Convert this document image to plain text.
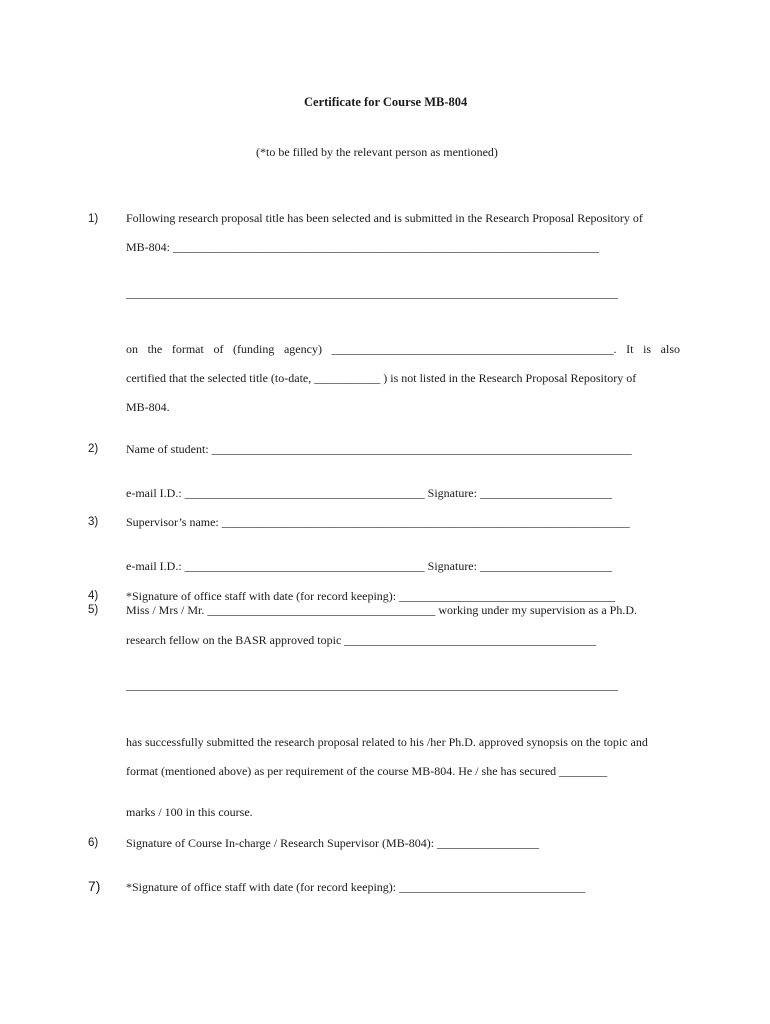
Certificate for Course MB-804
(*to be filled by the relevant person as mentioned)
1) Following research proposal title has been selected and is submitted in the Research Proposal Repository of
MB-804: _______________________________________________________________________
__________________________________________________________________________________
on the format of (funding agency) _______________________________________________. It is also
certified that the selected title (to-date, ___________ ) is not listed in the Research Proposal Repository of
MB-804.
2) Name of student: ______________________________________________________________________
e-mail I.D.: ________________________________________ Signature: ______________________
3) Supervisor’s name: ____________________________________________________________________
e-mail I.D.: ________________________________________ Signature: ______________________
4) *Signature of office staff with date (for record keeping): ____________________________________
5) Miss / Mrs / Mr. ______________________________________ working under my supervision as a Ph.D.
research fellow on the BASR approved topic __________________________________________
__________________________________________________________________________________
has successfully submitted the research proposal related to his /her Ph.D. approved synopsis on the topic and
format (mentioned above) as per requirement of the course MB-804. He / she has secured ________
marks / 100 in this course.
6) Signature of Course In-charge / Research Supervisor (MB-804): _________________
7) *Signature of office staff with date (for record keeping): _______________________________
